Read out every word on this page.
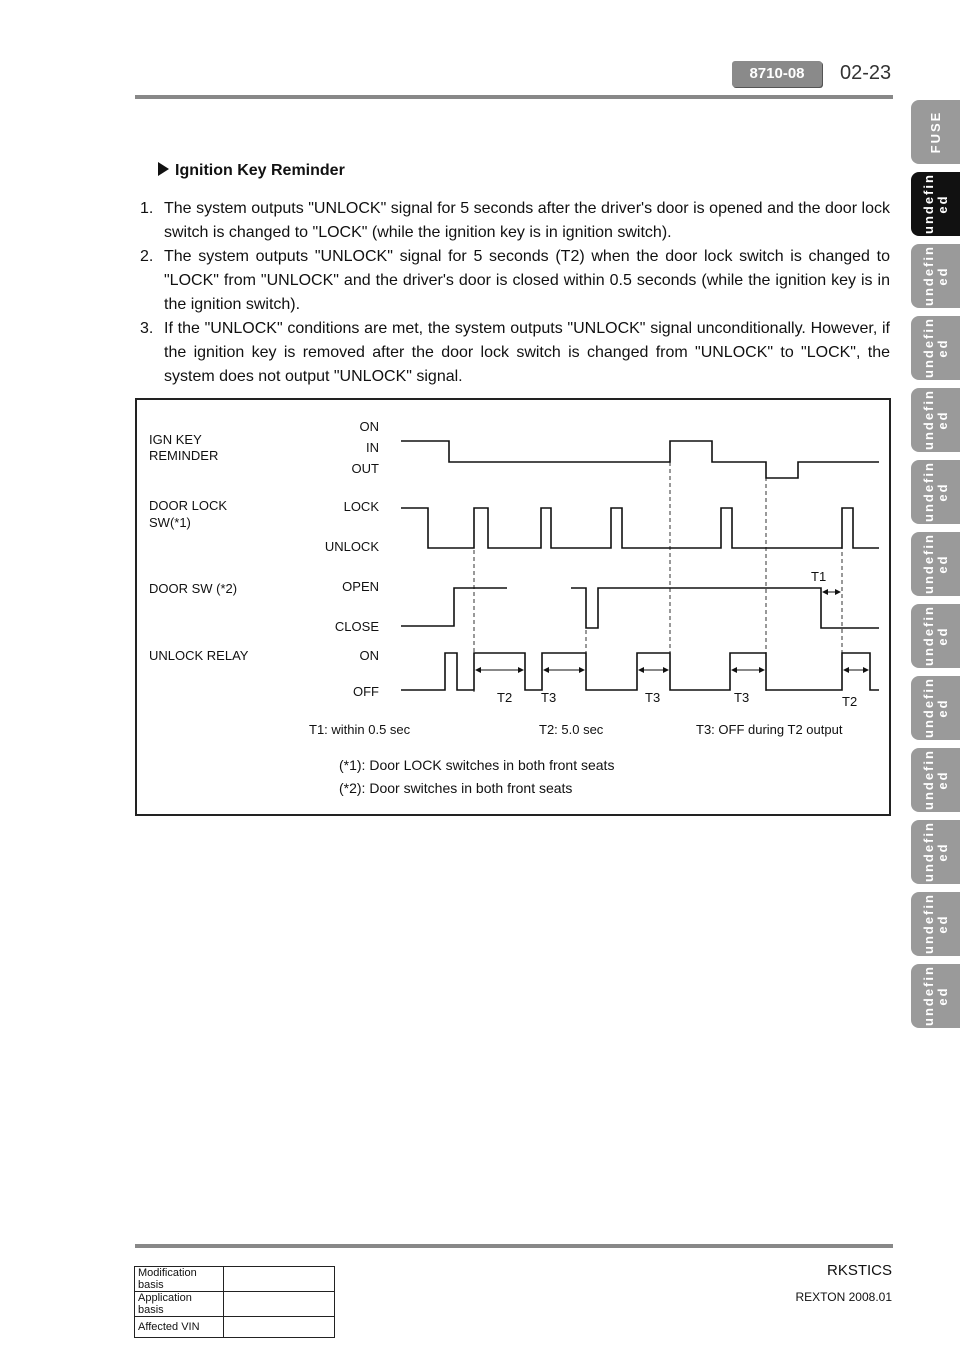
8710-08	02-23
FUSE
undefin ed
undefin ed
undefin ed
undefin ed
undefin ed
undefin ed
undefin ed
undefin ed
undefin ed
undefin ed
undefin ed
undefin ed
Ignition Key Reminder
1. The system outputs "UNLOCK" signal for 5 seconds after the driver's door is opened and the door lock switch is changed to "LOCK" (while the ignition key is in ignition switch).
2. The system outputs "UNLOCK" signal for 5 seconds (T2) when the door lock switch is changed to "LOCK" from "UNLOCK" and the driver's door is closed within 0.5 seconds (while the ignition key is in the ignition switch).
3. If the "UNLOCK" conditions are met, the system outputs "UNLOCK" signal unconditionally. However, if the ignition key is removed after the door lock switch is changed from "UNLOCK" to "LOCK", the system does not output "UNLOCK" signal.
IGN KEY
REMINDER
DOOR LOCK
SW(*1)
DOOR SW (*2)
UNLOCK RELAY
ON
IN
OUT
LOCK
UNLOCK
OPEN
CLOSE
ON
OFF
T1
T2 T3	T3	T3	T2
T1: within 0.5 sec	T2: 5.0 sec	T3: OFF during T2 output
(*1): Door LOCK switches in both front seats
(*2): Door switches in both front seats
RKSTICS
REXTON 2008.01
Modification basis	
Application basis	
Affected VIN	
